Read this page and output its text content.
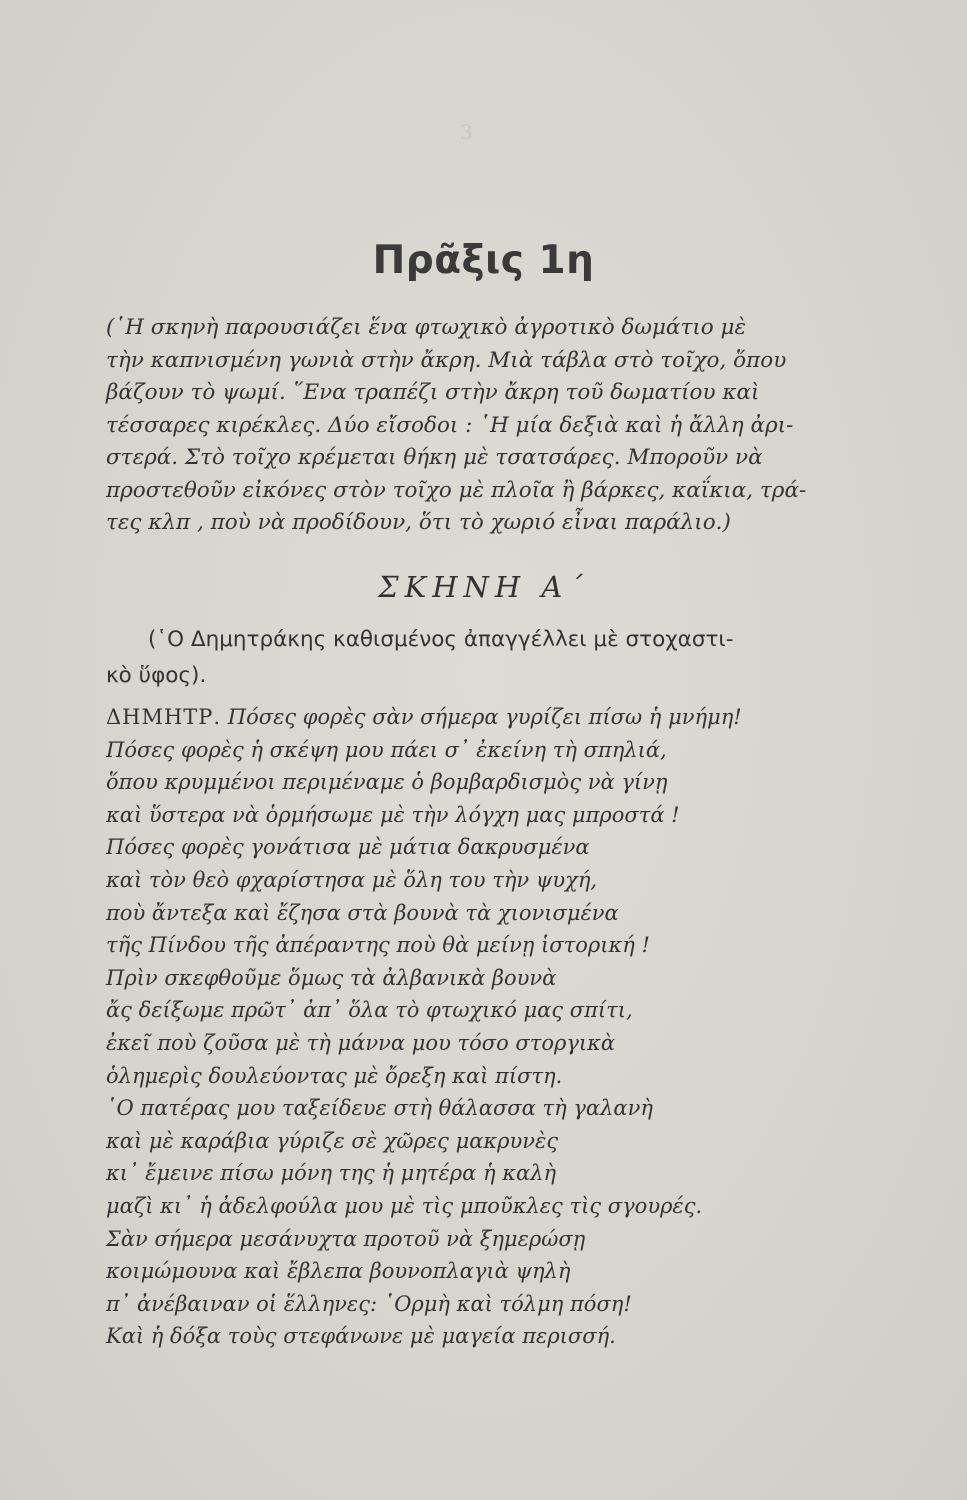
3
Πρᾶξις 1η
(῾Η σκηνὴ παρουσιάζει ἕνα φτωχικὸ ἀγροτικὸ δωμάτιο μὲ
τὴν καπνισμένη γωνιὰ στὴν ἄκρη. Μιὰ τάβλα στὸ τοῖχο, ὅπου
βάζουν τὸ ψωμί. ῞Ενα τραπέζι στὴν ἄκρη τοῦ δωματίου καὶ
τέσσαρες κιρέκλες. Δύο εἴσοδοι : ῾Η μία δεξιὰ καὶ ἡ ἄλλη ἀρι-
στερά. Στὸ τοῖχο κρέμεται θήκη μὲ τσατσάρες. Μπορoῦν νὰ
προστεθοῦν εἰκόνες στὸν τοῖχο μὲ πλοῖα ἢ βάρκες, καΐκια, τρά-
τες κλπ , ποὺ νὰ προδίδουν, ὅτι τὸ χωριό εἶναι παράλιο.)
ΣΚΗΝΗ Α΄
(῾Ο Δημητράκης καθισμένος ἀπαγγέλλει μὲ στοχαστι-
κὸ ὕφος).
ΔΗΜΗΤΡ. Πόσες φορὲς σὰν σήμερα γυρίζει πίσω ἡ μνήμη!
Πόσες φορὲς ἡ σκέψη μου πάει σ᾿ ἐκείνη τὴ σπηλιά,
ὅπου κρυμμένοι περιμέναμε ὁ βομβαρδισμὸς νὰ γίνῃ
καὶ ὕστερα νὰ ὁρμήσωμε μὲ τὴν λόγχη μας μπροστά !
Πόσες φορὲς γονάτισα μὲ μάτια δακρυσμένα
καὶ τὸν θεὸ φχαρίστησα μὲ ὅλη του τὴν ψυχή,
ποὺ ἄντεξα καὶ ἔζησα στὰ βουνὰ τὰ χιονισμένα
τῆς Πίνδου τῆς ἀπέραντης ποὺ θὰ μείνῃ ἱστορική !
Πρὶν σκεφθοῦμε ὅμως τὰ ἀλβανικὰ βουνὰ
ἄς δείξωμε πρῶτ᾿ ἀπ᾿ ὅλα τὸ φτωχικό μας σπίτι,
ἐκεῖ ποὺ ζοῦσα μὲ τὴ μάννα μου τόσο στοργικὰ
ὁλημερὶς δουλεύοντας μὲ ὄρεξη καὶ πίστη.
῾Ο πατέρας μου ταξείδευε στὴ θάλασσα τὴ γαλανὴ
καὶ μὲ καράβια γύριζε σὲ χῶρες μακρυνὲς
κι᾿ ἔμεινε πίσω μόνη της ἡ μητέρα ἡ καλὴ
μαζὶ κι᾿ ἡ ἀδελφούλα μου μὲ τὶς μποῦκλες τὶς σγουρές.
Σὰν σήμερα μεσάνυχτα προτοῦ νὰ ξημερώσῃ
κοιμώμουνα καὶ ἔβλεπα βουνοπλαγιὰ ψηλὴ
π᾿ ἀνέβαιναν οἱ ἕλληνες: ῾Ορμὴ καὶ τόλμη πόση!
Καὶ ἡ δόξα τοὺς στεφάνωνε μὲ μαγεία περισσή.
